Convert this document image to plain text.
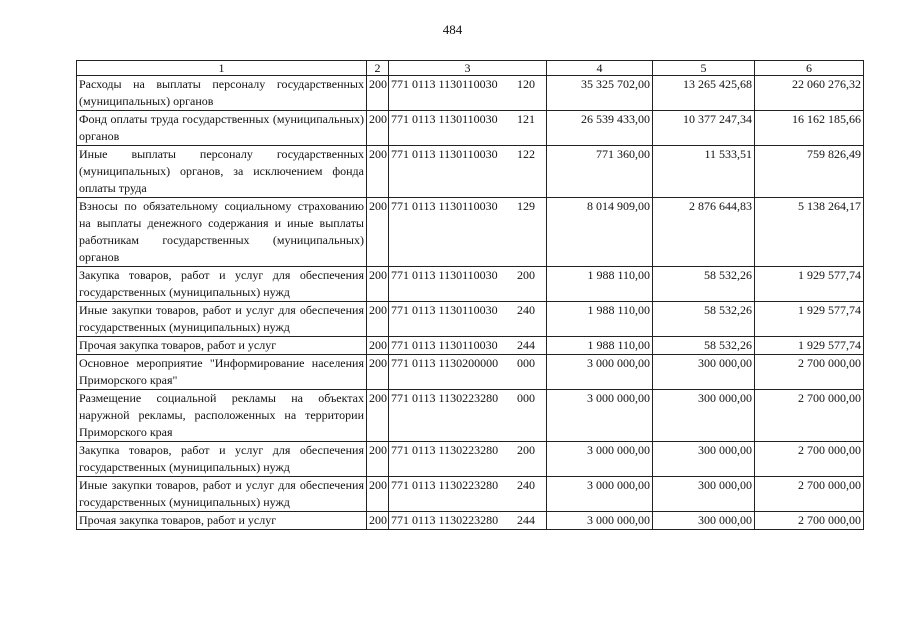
484
1	2	3	4	5	6
Расходы на выплаты персоналу государственных (муниципальных) органов	200	771 0113 1130110030 120	35 325 702,00	13 265 425,68	22 060 276,32
Фонд оплаты труда государственных (муниципальных) органов	200	771 0113 1130110030 121	26 539 433,00	10 377 247,34	16 162 185,66
Иные выплаты персоналу государственных (муниципальных) органов, за исключением фонда оплаты труда	200	771 0113 1130110030 122	771 360,00	11 533,51	759 826,49
Взносы по обязательному социальному страхованию на выплаты денежного содержания и иные выплаты работникам государственных (муниципальных) органов	200	771 0113 1130110030 129	8 014 909,00	2 876 644,83	5 138 264,17
Закупка товаров, работ и услуг для обеспечения государственных (муниципальных) нужд	200	771 0113 1130110030 200	1 988 110,00	58 532,26	1 929 577,74
Иные закупки товаров, работ и услуг для обеспечения государственных (муниципальных) нужд	200	771 0113 1130110030 240	1 988 110,00	58 532,26	1 929 577,74
Прочая закупка товаров, работ и услуг	200	771 0113 1130110030 244	1 988 110,00	58 532,26	1 929 577,74
Основное мероприятие "Информирование населения Приморского края"	200	771 0113 1130200000 000	3 000 000,00	300 000,00	2 700 000,00
Размещение социальной рекламы на объектах наружной рекламы, расположенных на территории Приморского края	200	771 0113 1130223280 000	3 000 000,00	300 000,00	2 700 000,00
Закупка товаров, работ и услуг для обеспечения государственных (муниципальных) нужд	200	771 0113 1130223280 200	3 000 000,00	300 000,00	2 700 000,00
Иные закупки товаров, работ и услуг для обеспечения государственных (муниципальных) нужд	200	771 0113 1130223280 240	3 000 000,00	300 000,00	2 700 000,00
Прочая закупка товаров, работ и услуг	200	771 0113 1130223280 244	3 000 000,00	300 000,00	2 700 000,00
